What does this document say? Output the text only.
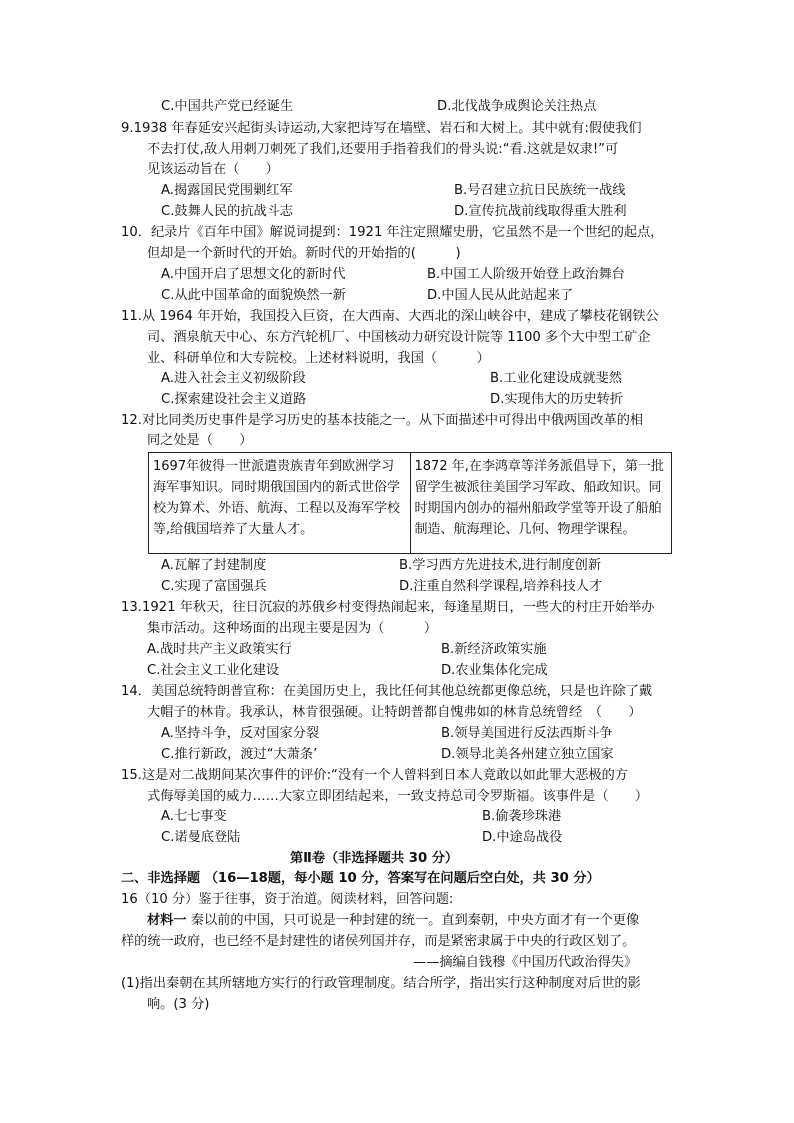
C.中国共产党已经诞生	D.北伐战争成舆论关注热点
9.1938 年春延安兴起街头诗运动,大家把诗写在墙壁、岩石和大树上。其中就有:假使我们
不去打仗,敌人用刺刀刺死了我们,还要用手指着我们的骨头说:“看.这就是奴隶!”可
见该运动旨在（　　）
A.揭露国民党围剿红军	B.号召建立抗日民族统一战线
C.鼓舞人民的抗战斗志	D.宣传抗战前线取得重大胜利
10．纪录片《百年中国》解说词提到：1921 年注定照耀史册，它虽然不是一个世纪的起点，
但却是一个新时代的开始。新时代的开始指的(　　　)
A.中国开启了思想文化的新时代	B.中国工人阶级开始登上政治舞台
C.从此中国革命的面貌焕然一新	D.中国人民从此站起来了
11.从 1964 年开始，我国投入巨资，在大西南、大西北的深山峡谷中，建成了攀枝花钢铁公
司、酒泉航天中心、东方汽轮机厂、中国核动力研究设计院等 1100 多个大中型工矿企
业、科研单位和大专院校。上述材料说明，我国（　　　）
A.进入社会主义初级阶段	B.工业化建设成就斐然
C.探索建设社会主义道路	D.实现伟大的历史转折
12.对比同类历史事件是学习历史的基本技能之一。从下面描述中可得出中俄两国改革的相
同之处是（　　）
1697年彼得一世派遣贵族青年到欧洲学习海军事知识。同时期俄国国内的新式世俗学校为算术、外语、航海、工程以及海军学校等,给俄国培养了大量人才。	1872 年,在李鸿章等洋务派倡导下，第一批留学生被派往美国学习军政、船政知识。同时期国内创办的福州船政学堂等开设了船舶制造、航海理论、几何、物理学课程。
A.瓦解了封建制度	B.学习西方先进技术,进行制度创新
C.实现了富国强兵	D.注重自然科学课程,培养科技人才
13.1921 年秋天，往日沉寂的苏俄乡村变得热闹起来，每逢星期日，一些大的村庄开始举办
集市活动。这种场面的出现主要是因为（　　　）
A.战时共产主义政策实行	B.新经济政策实施
C.社会主义工业化建设	D.农业集体化完成
14．美国总统特朗普宣称：在美国历史上，我比任何其他总统都更像总统，只是也许除了戴
大帽子的林肯。我承认，林肯很强硬。让特朗普都自愧弗如的林肯总统曾经　（　　）
A.坚持斗争，反对国家分裂	B.领导美国进行反法西斯斗争
C.推行新政，渡过“大萧条’	D.领导北美各州建立独立国家
15.这是对二战期间某次事件的评价:“没有一个人曾料到日本人竟敢以如此罪大恶极的方
式侮辱美国的威力……大家立即团结起来，一致支持总司令罗斯福。该事件是（　　）
A.七七事变	B.偷袭珍珠港
C.诺曼底登陆	D.中途岛战役
第Ⅱ卷（非选择题共 30 分）
二、非选择题 （16—18题，每小题 10 分，答案写在问题后空白处，共 30 分）
16（10 分）鉴于往事，资于治道。阅读材料，回答问题:
材料一 秦以前的中国，只可说是一种封建的统一。直到秦朝，中央方面才有一个更像
样的统一政府，也已经不是封建性的诸侯列国并存，而是紧密隶属于中央的行政区划了。
——摘编自钱穆《中国历代政治得失》
(1)指出秦朝在其所辖地方实行的行政管理制度。结合所学，指出实行这种制度对后世的影
响。(3 分)
